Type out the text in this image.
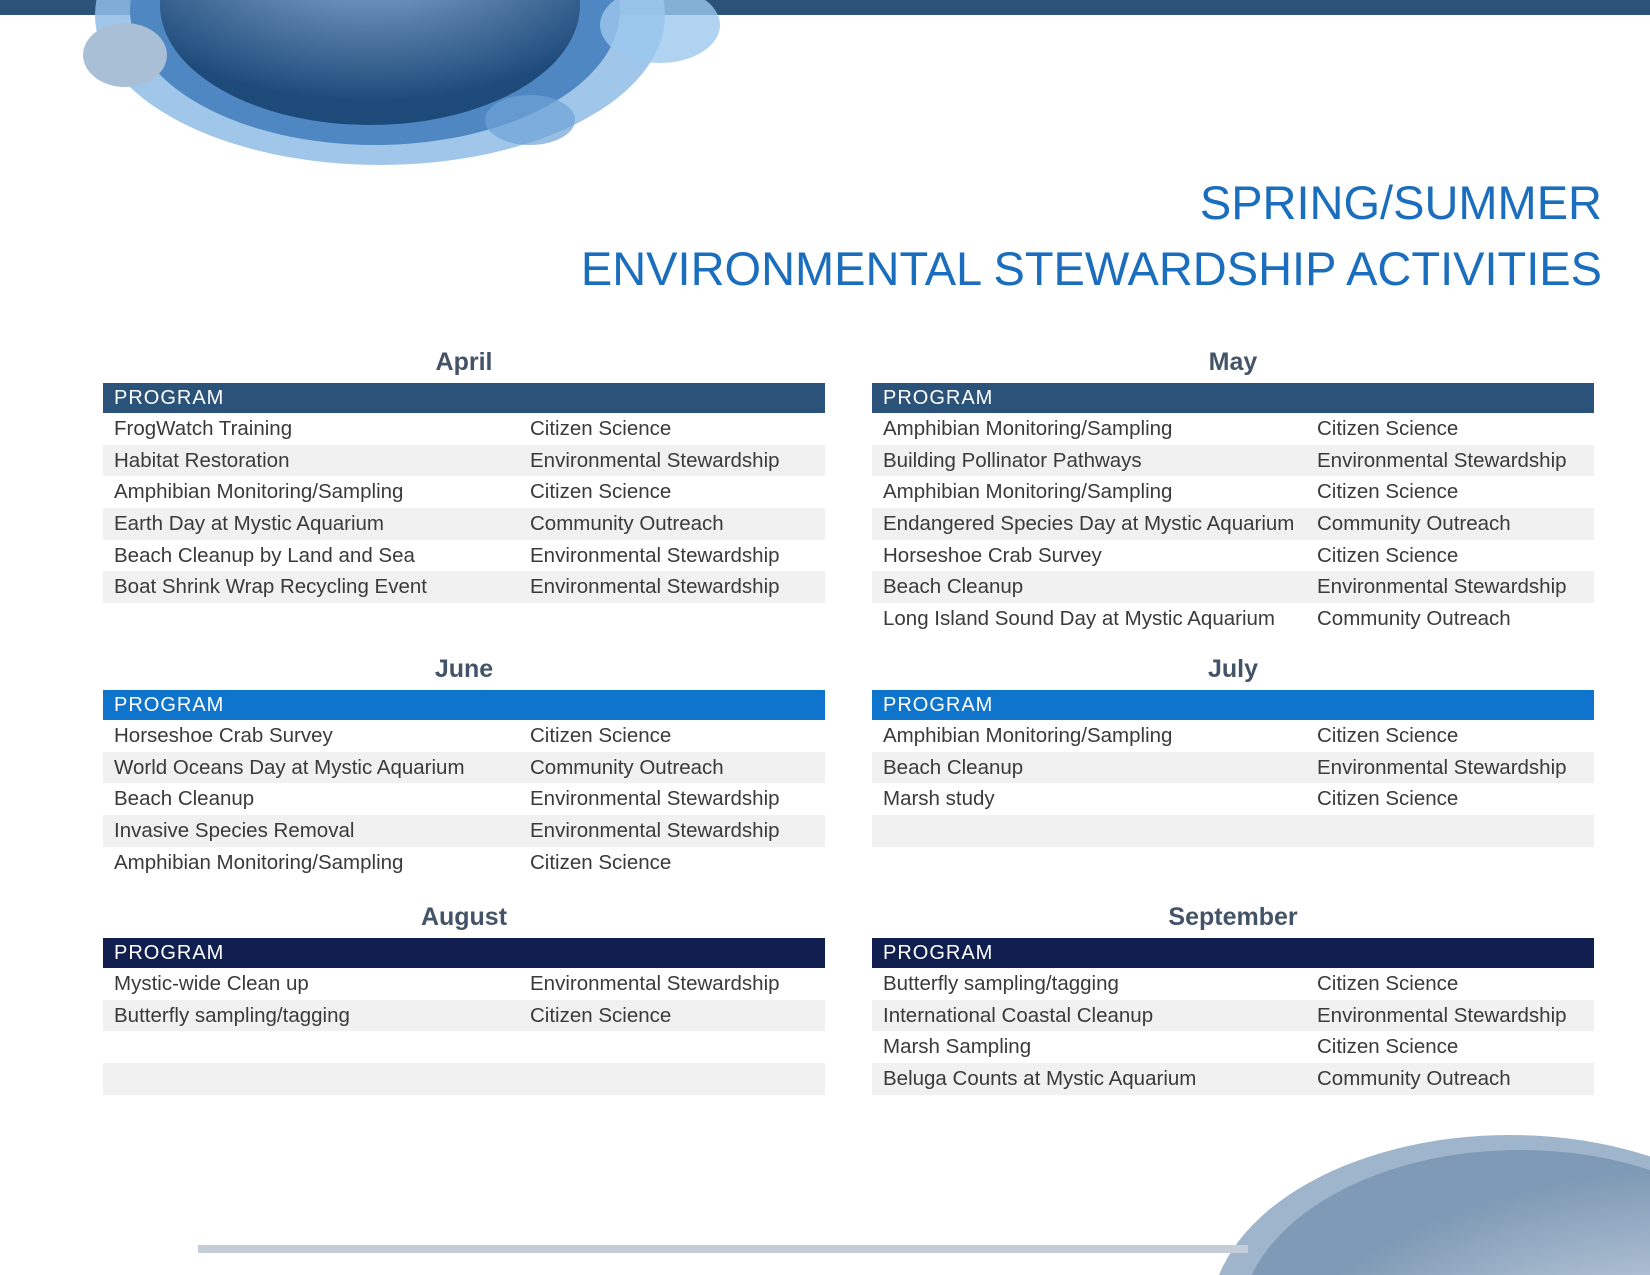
SPRING/SUMMER
ENVIRONMENTAL STEWARDSHIP ACTIVITIES
April
PROGRAM
FrogWatch Training	Citizen Science
Habitat Restoration	Environmental Stewardship
Amphibian Monitoring/Sampling	Citizen Science
Earth Day at Mystic Aquarium	Community Outreach
Beach Cleanup by Land and Sea	Environmental Stewardship
Boat Shrink Wrap Recycling Event	Environmental Stewardship
May
PROGRAM
Amphibian Monitoring/Sampling	Citizen Science
Building Pollinator Pathways	Environmental Stewardship
Amphibian Monitoring/Sampling	Citizen Science
Endangered Species Day at Mystic Aquarium	Community Outreach
Horseshoe Crab Survey	Citizen Science
Beach Cleanup	Environmental Stewardship
Long Island Sound Day at Mystic Aquarium	Community Outreach
June
PROGRAM
Horseshoe Crab Survey	Citizen Science
World Oceans Day at Mystic Aquarium	Community Outreach
Beach Cleanup	Environmental Stewardship
Invasive Species Removal	Environmental Stewardship
Amphibian Monitoring/Sampling	Citizen Science
July
PROGRAM
Amphibian Monitoring/Sampling	Citizen Science
Beach Cleanup	Environmental Stewardship
Marsh study	Citizen Science
August
PROGRAM
Mystic-wide Clean up	Environmental Stewardship
Butterfly sampling/tagging	Citizen Science
September
PROGRAM
Butterfly sampling/tagging	Citizen Science
International Coastal Cleanup	Environmental Stewardship
Marsh Sampling	Citizen Science
Beluga Counts at Mystic Aquarium	Community Outreach
